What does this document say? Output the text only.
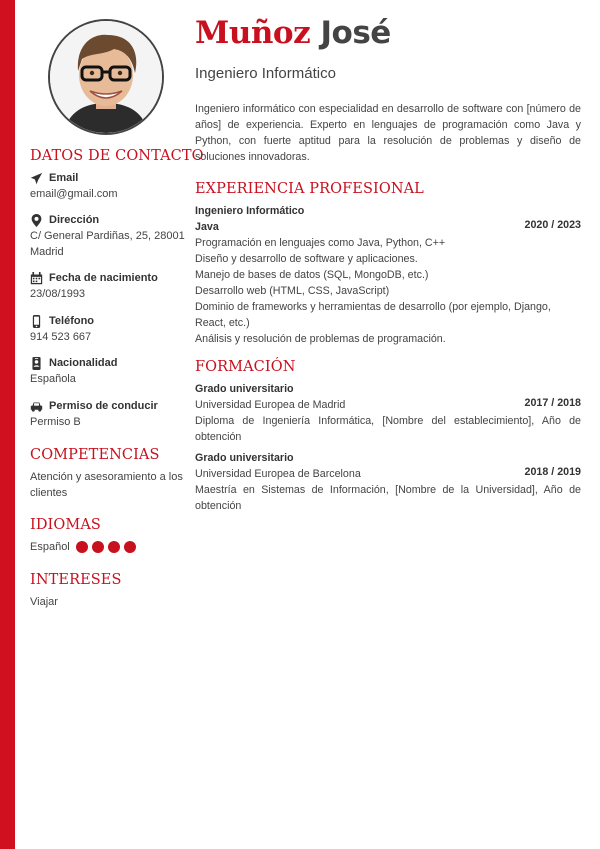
DATOS DE CONTACTO
Email
email@gmail.com
Dirección
C/ General Pardiñas, 25, 28001 Madrid
Fecha de nacimiento
23/08/1993
Teléfono
914 523 667
Nacionalidad
Española
Permiso de conducir
Permiso B
COMPETENCIAS
Atención y asesoramiento a los clientes
IDIOMAS
Español
INTERESES
Viajar
Muñoz José
Ingeniero Informático
Ingeniero informático con especialidad en desarrollo de software con [número de años] de experiencia. Experto en lenguajes de programación como Java y Python, con fuerte aptitud para la resolución de problemas y diseño de soluciones innovadoras.
EXPERIENCIA PROFESIONAL
Ingeniero Informático
Java	2020 / 2023
Programación en lenguajes como Java, Python, C++
Diseño y desarrollo de software y aplicaciones.
Manejo de bases de datos (SQL, MongoDB, etc.)
Desarrollo web (HTML, CSS, JavaScript)
Dominio de frameworks y herramientas de desarrollo (por ejemplo, Django, React, etc.)
Análisis y resolución de problemas de programación.
FORMACIÓN
Grado universitario
Universidad Europea de Madrid	2017 / 2018
Diploma de Ingeniería Informática, [Nombre del establecimiento], Año de obtención
Grado universitario
Universidad Europea de Barcelona	2018 / 2019
Maestría en Sistemas de Información, [Nombre de la Universidad], Año de obtención
